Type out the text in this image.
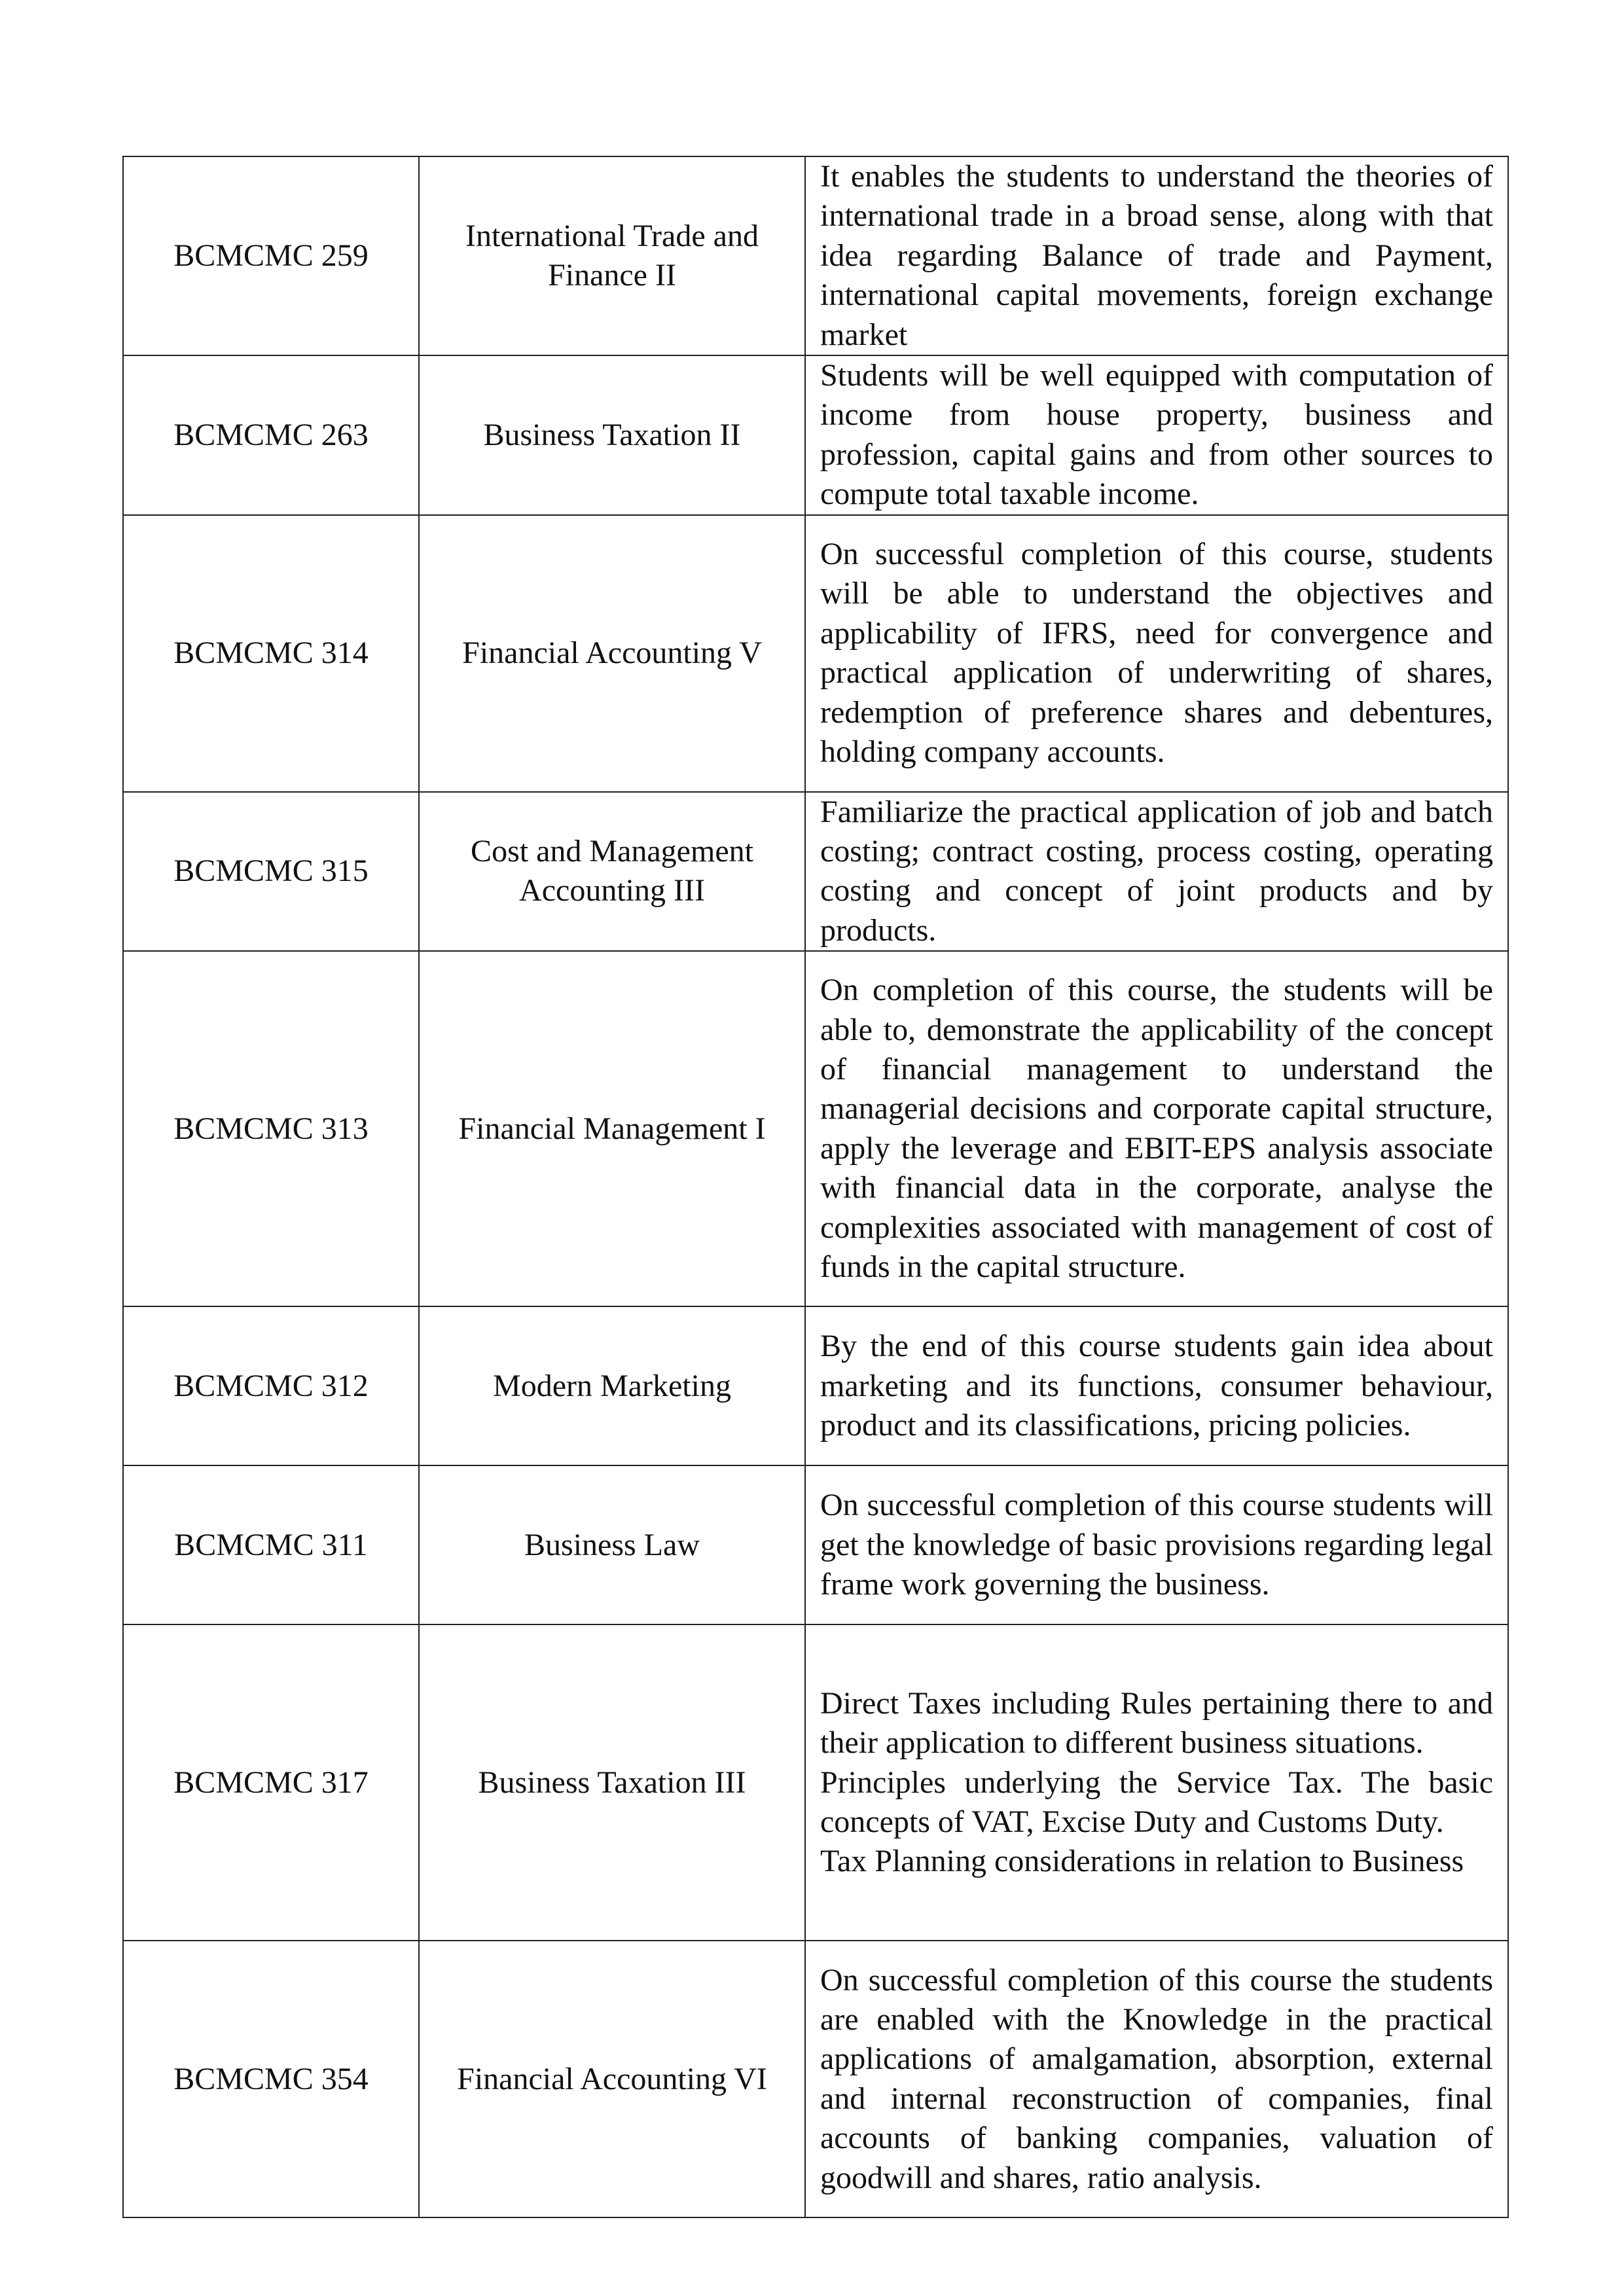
BCMCMC 259	International Trade and Finance II	It enables the students to understand the theories of international trade in a broad sense, along with that idea regarding Balance of trade and Payment, international capital movements, foreign exchange market
BCMCMC 263	Business Taxation II	Students will be well equipped with computation of income from house property, business and profession, capital gains and from other sources to compute total taxable income.
BCMCMC 314	Financial Accounting V	On successful completion of this course, students will be able to understand the objectives and applicability of IFRS, need for convergence and practical application of underwriting of shares, redemption of preference shares and debentures, holding company accounts.
BCMCMC 315	Cost and Management Accounting III	Familiarize the practical application of job and batch costing; contract costing, process costing, operating costing and concept of joint products and by products.
BCMCMC 313	Financial Management I	On completion of this course, the students will be able to, demonstrate the applicability of the concept of financial management to understand the managerial decisions and corporate capital structure, apply the leverage and EBIT-EPS analysis associate with financial data in the corporate, analyse the complexities associated with management of cost of funds in the capital structure.
BCMCMC 312	Modern Marketing	By the end of this course students gain idea about marketing and its functions, consumer behaviour, product and its classifications, pricing policies.
BCMCMC 311	Business Law	On successful completion of this course students will get the knowledge of basic provisions regarding legal frame work governing the business.
BCMCMC 317	Business Taxation III	Direct Taxes including Rules pertaining there to and their application to different business situations.
Principles underlying the Service Tax. The basic concepts of VAT, Excise Duty and Customs Duty.
Tax Planning considerations in relation to Business

BCMCMC 354	Financial Accounting VI	On successful completion of this course the students are enabled with the Knowledge in the practical applications of amalgamation, absorption, external and internal reconstruction of companies, final accounts of banking companies, valuation of goodwill and shares, ratio analysis.
